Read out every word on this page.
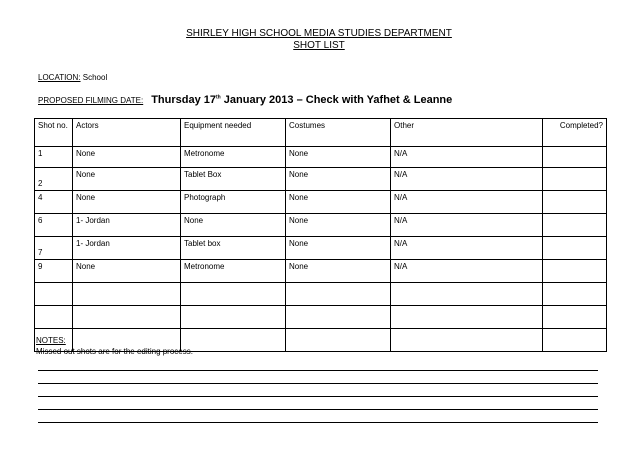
SHIRLEY HIGH SCHOOL MEDIA STUDIES DEPARTMENT
SHOT LIST
LOCATION: School
PROPOSED FILMING DATE: Thursday 17th January 2013 – Check with Yafhet & Leanne
Shot no.	Actors	Equipment needed	Costumes	Other	Completed?
1	None	Metronome	None	N/A	

2	None	Tablet Box	None	N/A	
4	None	Photograph	None	N/A	
6	1- Jordan	None	None	N/A	

7	1- Jordan	Tablet box	None	N/A	
9	None	Metronome	None	N/A	

NOTES:
Missed out shots are for the editing process.
